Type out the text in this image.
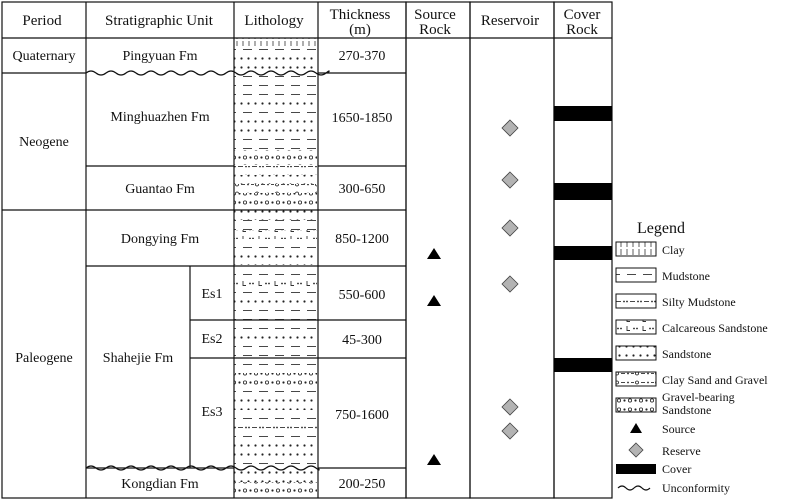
Period	Stratigraphic Unit Lithology Thickness
(m)
Source
Rock
Reservoir Cover
Rock
Quaternary
Neogene
Paleogene
Pingyuan Fm
Minghuazhen Fm
Guantao Fm
Dongying Fm
Shahejie Fm
Es1
Es2
Es3
Kongdian Fm
270-370
1650-1850
300-650
850-1200
550-600
45-300
750-1600
200-250
Legend
Clay
Mudstone
Silty Mudstone
Calcareous Sandstone
Sandstone
Clay Sand and Gravel
Gravel-bearing
Sandstone
Source
Reserve
Cover
Unconformity
